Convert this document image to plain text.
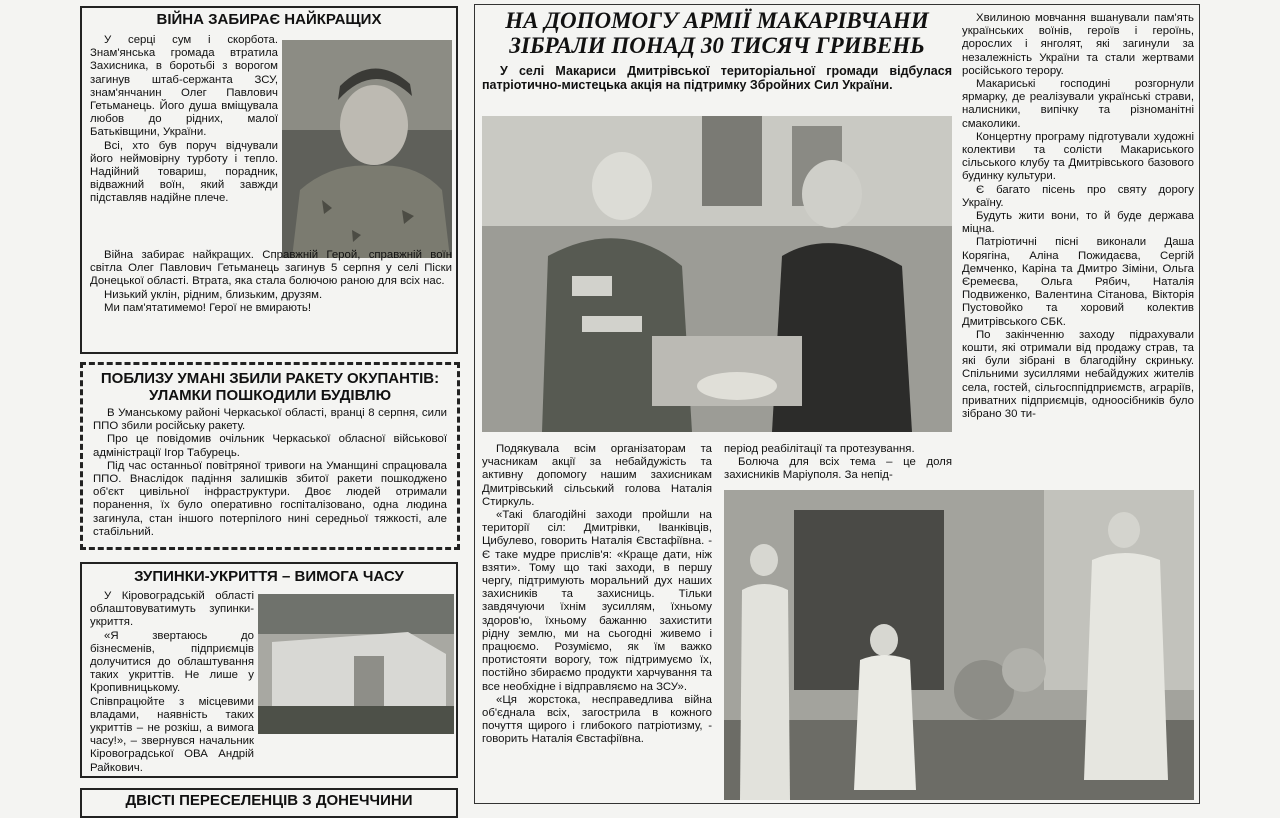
ВІЙНА ЗАБИРАЄ НАЙКРАЩИХ

У серці сум і скорбота. Знам'янська громада втратила Захисника, в боротьбі з ворогом загинув штаб-сержанта ЗСУ, знам'янчанин Олег Павлович Гетьманець. Його душа вміщувала любов до рідних, малої Батьківщини, України.

Всі, хто був поруч відчували його неймовірну турботу і тепло. Надійний товариш, порадник, відважний воїн, який завжди підставляв надійне плече.

Війна забирає найкращих. Справжній Герой, справжній воїн світла Олег Павлович Гетьманець загинув 5 серпня у селі Піски Донецької області. Втрата, яка стала болючою раною для всіх нас.

Низький уклін, рідним, близьким, друзям.

Ми пам'ятатимемо! Герої не вмирають!

ПОБЛИЗУ УМАНІ ЗБИЛИ РАКЕТУ ОКУПАНТІВ: УЛАМКИ ПОШКОДИЛИ БУДІВЛЮ

В Уманському районі Черкаської області, вранці 8 серпня, сили ППО збили російську ракету.

Про це повідомив очільник Черкаської обласної військової адміністрації Ігор Табурець.

Під час останньої повітряної тривоги на Уманщині спрацювала ППО. Внаслідок падіння залишків збитої ракети пошкоджено об'єкт цивільної інфраструктури. Двоє людей отримали поранення, їх було оперативно госпіталізовано, одна людина загинула, стан іншого потерпілого нині середньої тяжкості, але стабільний.

ЗУПИНКИ-УКРИТТЯ – ВИМОГА ЧАСУ

У Кіровоградській області облаштовуватимуть зупинки-укриття.

«Я звертаюсь до бізнесменів, підприємців долучитися до облаштування таких укриттів. Не лише у Кропивницькому. Співпрацюйте з місцевими владами, наявність таких укриттів – не розкіш, а вимога часу!», – звернувся начальник Кіровоградської ОВА Андрій Райкович.

ДВІСТІ ПЕРЕСЕЛЕНЦІВ З ДОНЕЧЧИНИ
НА ДОПОМОГУ АРМІЇ МАКАРІВЧАНИ ЗІБРАЛИ ПОНАД 30 ТИСЯЧ ГРИВЕНЬ

У селі Макариси Дмитрівської територіальної громади відбулася патріотично-мистецька акція на підтримку Збройних Сил України.

Подякувала всім організаторам та учасникам акції за небайдужість та активну допомогу нашим захисникам Дмитрівський сільський голова Наталія Стиркуль.

«Такі благодійні заходи пройшли на території сіл: Дмитрівки, Іванківців, Цибулево, говорить Наталія Євстафіївна. - Є таке мудре прислів'я: «Краще дати, ніж взяти». Тому що такі заходи, в першу чергу, підтримують моральний дух наших захисників та захисниць. Тільки завдячуючи їхнім зусиллям, їхньому здоров'ю, їхньому бажанню захистити рідну землю, ми на сьогодні живемо і працюємо. Розуміємо, як їм важко протистояти ворогу, тож підтримуємо їх, постійно збираємо продукти харчування та все необхідне і відправляємо на ЗСУ».

«Ця жорстока, несправедлива війна об'єднала всіх, загострила в кожного почуття щирого і глибокого патріотизму, - говорить Наталія Євстафіївна.

період реабілітації та протезування.

Болюча для всіх тема – це доля захисників Маріуполя. За непід-

Хвилиною мовчання вшанували пам'ять українських воїнів, героїв і героїнь, дорослих і янголят, які загинули за незалежність України та стали жертвами російського терору.

Макариські господині розгорнули ярмарку, де реалізували українські страви, налисники, випічку та різноманітні смаколики.

Концертну програму підготували художні колективи та солісти Макариського сільського клубу та Дмитрівського базового будинку культури.

Є багато пісень про святу дорогу Україну.

Будуть жити вони, то й буде держава міцна.

Патріотичні пісні виконали Даша Корягіна, Аліна Пожидаєва, Сергій Демченко, Каріна та Дмитро Зіміни, Ольга Єремеєва, Ольга Рябич, Наталія Подвиженко, Валентина Сітанова, Вікторія Пустовойко та хоровий колектив Дмитрівського СБК.

По закінченню заходу підрахували кошти, які отримали від продажу страв, та які були зібрані в благодійну скриньку. Спільними зусиллями небайдужих жителів села, гостей, сільгосппідприємств, аграріїв, приватних підприємців, одноосібників було зібрано 30 ти-
